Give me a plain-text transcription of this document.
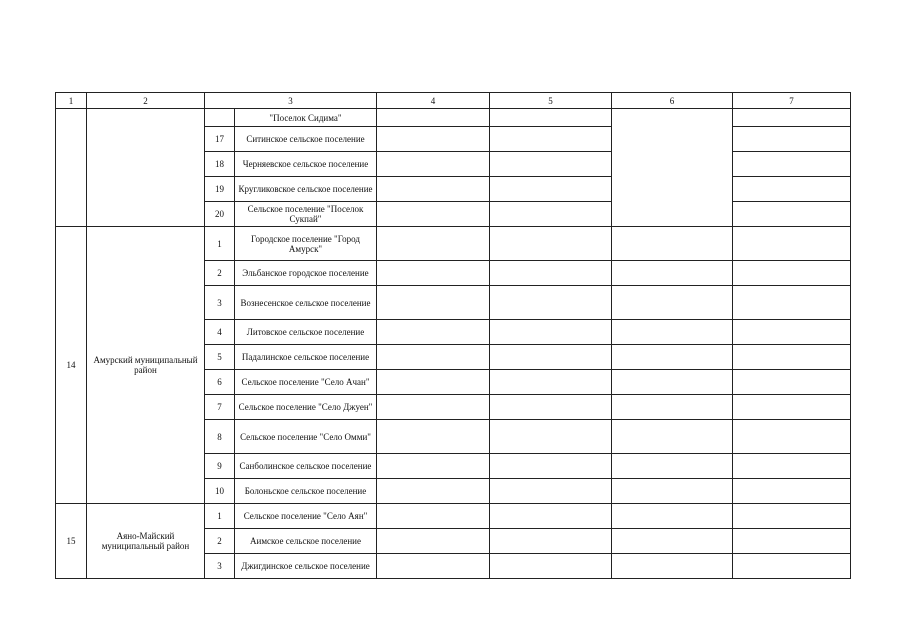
1	2	3		4	5	6	7
			"Поселок Сидима"				
		17	Ситинское сельское поселение				
		18	Черняевское сельское поселение				
		19	Кругликовское сельское поселение				
		20	Сельское поселение "Поселок Сукпай"				
14	Амурский муниципальный район	1	Городское поселение "Город Амурск"				
		2	Эльбанское городское поселение				
		3	Вознесенское сельское поселение				
		4	Литовское сельское поселение				
		5	Падалинское сельское поселение				
		6	Сельское поселение "Село Ачан"				
		7	Сельское поселение "Село Джуен"				
		8	Сельское поселение "Село Омми"				
		9	Санболинское сельское поселение				
		10	Болоньское сельское поселение				
15	Аяно-Майский муниципальный район	1	Сельское поселение "Село Аян"				
		2	Аимское сельское поселение				
		3	Джигдинское сельское поселение				
